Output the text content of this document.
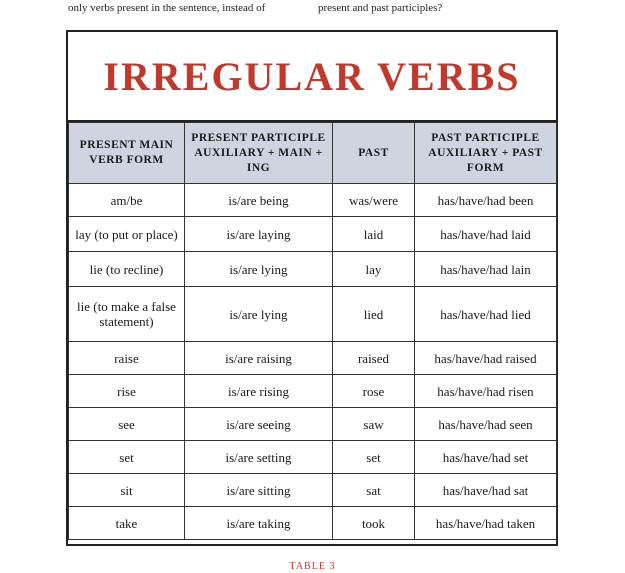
only verbs present in the sentence, instead of	present and past participles?
IRREGULAR VERBS
PRESENT MAIN VERB FORM	PRESENT PARTICIPLE AUXILIARY + MAIN + ING	PAST	PAST PARTICIPLE AUXILIARY + PAST FORM
am/be	is/are being	was/were	has/have/had been
lay (to put or place)	is/are laying	laid	has/have/had laid
lie (to recline)	is/are lying	lay	has/have/had lain
lie (to make a false statement)	is/are lying	lied	has/have/had lied
raise	is/are raising	raised	has/have/had raised
rise	is/are rising	rose	has/have/had risen
see	is/are seeing	saw	has/have/had seen
set	is/are setting	set	has/have/had set
sit	is/are sitting	sat	has/have/had sat
take	is/are taking	took	has/have/had taken
TABLE 3
